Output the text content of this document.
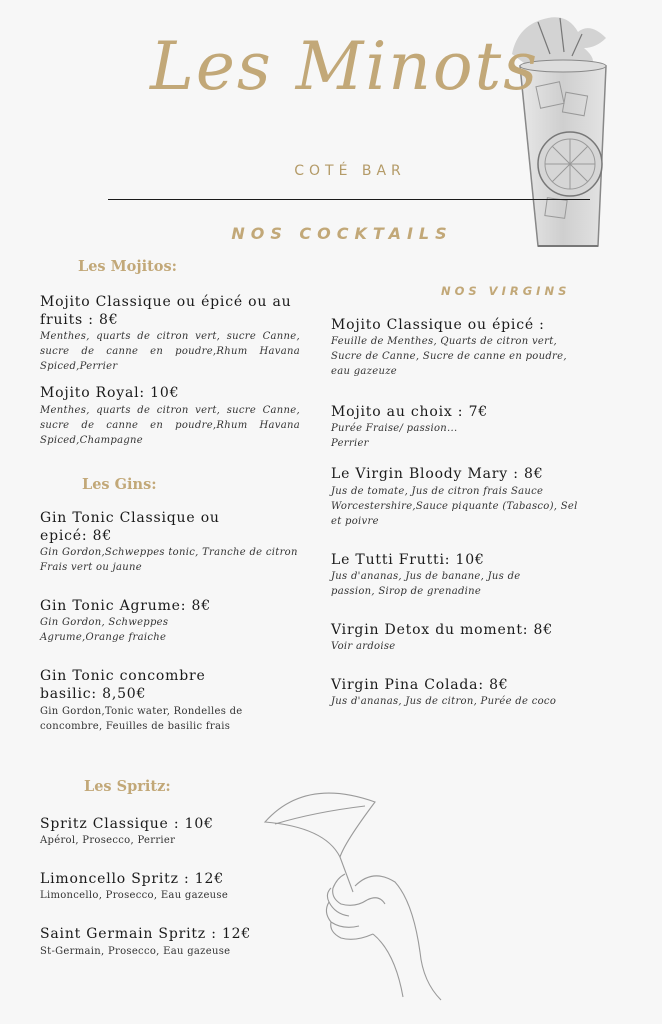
Les Minots
COTÉ BAR
NOS COCKTAILS
Les Mojitos:
Mojito Classique ou épicé ou au fruits : 8€
Menthes, quarts de citron vert, sucre Canne, sucre de canne en poudre,Rhum Havana Spiced,Perrier
Mojito Royal: 10€
Menthes, quarts de citron vert, sucre Canne, sucre de canne en poudre,Rhum Havana Spiced,Champagne
Les Gins:
Gin Tonic Classique ou epicé: 8€
Gin Gordon,Schweppes tonic, Tranche de citron Frais vert ou jaune
Gin Tonic Agrume: 8€
Gin Gordon, Schweppes Agrume,Orange fraiche
Gin Tonic concombre basilic: 8,50€
Gin Gordon,Tonic water, Rondelles de concombre, Feuilles de basilic frais
NOS VIRGINS
Mojito Classique ou épicé :
Feuille de Menthes, Quarts de citron vert, Sucre de Canne, Sucre de canne en poudre, eau gazeuze
Mojito au choix : 7€
Purée Fraise/ passion... Perrier
Le Virgin Bloody Mary : 8€
Jus de tomate, Jus de citron frais Sauce Worcestershire,Sauce piquante (Tabasco), Sel et poivre
Le Tutti Frutti: 10€
Jus d'ananas, Jus de banane, Jus de passion, Sirop de grenadine
Virgin Detox du moment: 8€
Voir ardoise
Virgin Pina Colada: 8€
Jus d'ananas, Jus de citron, Purée de coco
Les Spritz:
Spritz Classique : 10€
Apérol, Prosecco, Perrier
Limoncello Spritz : 12€
Limoncello, Prosecco, Eau gazeuse
Saint Germain Spritz : 12€
St-Germain, Prosecco, Eau gazeuse
